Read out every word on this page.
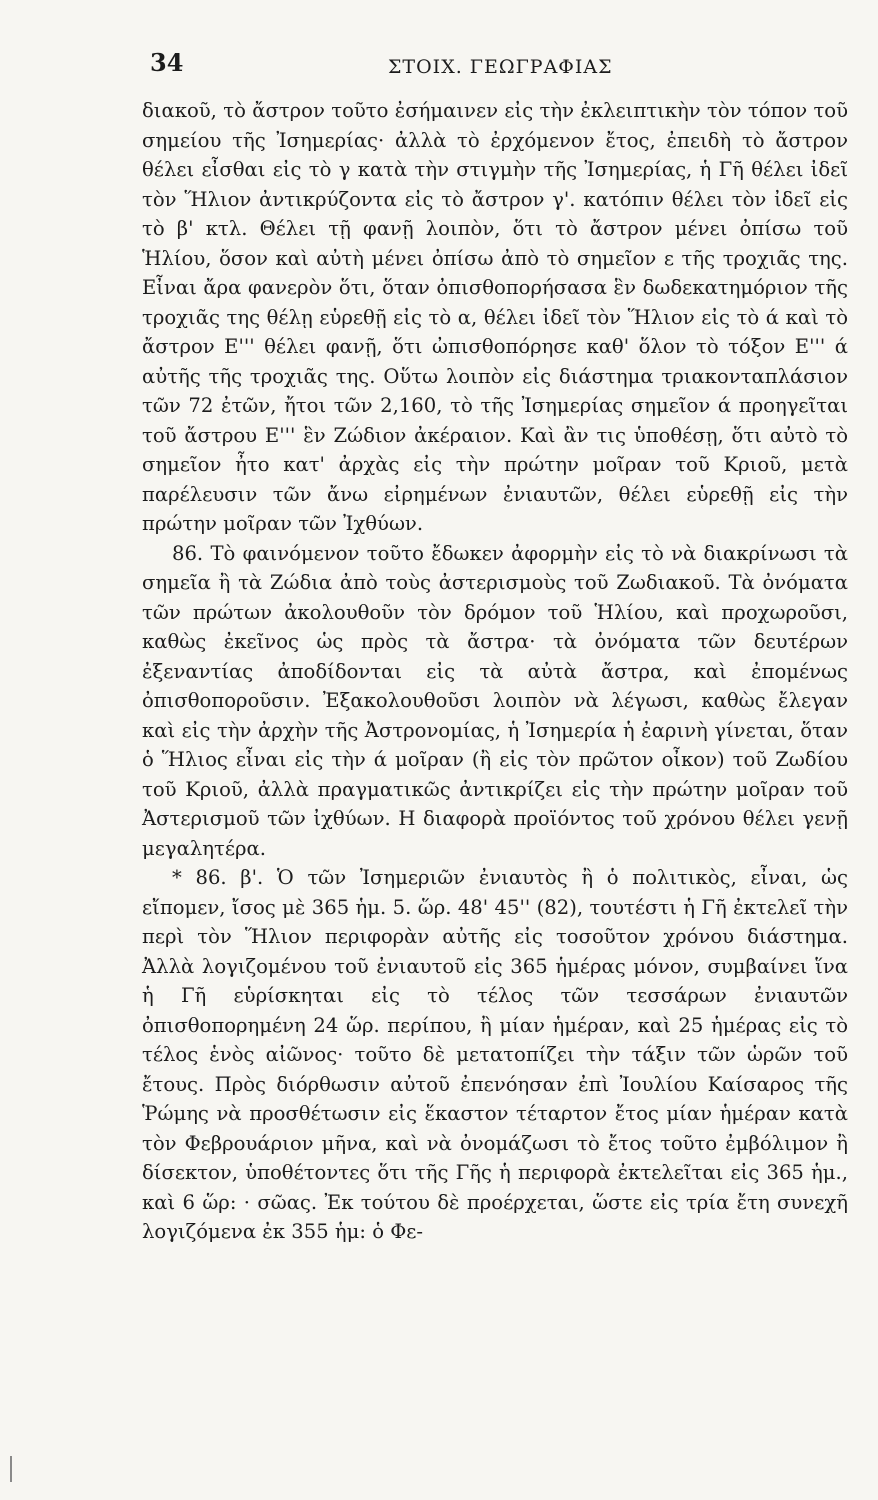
34	ΣΤΟΙΧ. ΓΕΩΓΡΑΦΙΑΣ

διακοῦ, τὸ ἄστρον τοῦτο ἐσήμαινεν εἰς τὴν ἐκλειπτικὴν τὸν τόπον τοῦ σημείου τῆς Ἰσημερίας· ἀλλὰ τὸ ἐρχόμενον ἔτος, ἐπειδὴ τὸ ἄστρον θέλει εἶσθαι εἰς τὸ γ κατὰ τὴν στιγμὴν τῆς Ἰσημερίας, ἡ Γῆ θέλει ἰδεῖ τὸν Ἥλιον ἀντικρύζοντα εἰς τὸ ἄστρον γ'. κατόπιν θέλει τὸν ἰδεῖ εἰς τὸ β' κτλ. Θέλει τῇ φανῇ λοιπὸν, ὅτι τὸ ἄστρον μένει ὀπίσω τοῦ Ἡλίου, ὅσον καὶ αὐτὴ μένει ὀπίσω ἀπὸ τὸ σημεῖον ε τῆς τροχιᾶς της. Εἶναι ἄρα φανερὸν ὅτι, ὅταν ὀπισθοπορήσασα ἓν δωδεκατημόριον τῆς τροχιᾶς της θέλῃ εὑρεθῇ εἰς τὸ α, θέλει ἰδεῖ τὸν Ἥλιον εἰς τὸ ά καὶ τὸ ἄστρον Ε''' θέλει φανῇ, ὅτι ὠπισθοπόρησε καθ' ὅλον τὸ τόξον Ε''' ά αὐτῆς τῆς τροχιᾶς της. Οὕτω λοιπὸν εἰς διάστημα τριακονταπλάσιον τῶν 72 ἐτῶν, ἤτοι τῶν 2,160, τὸ τῆς Ἰσημερίας σημεῖον ά προηγεῖται τοῦ ἄστρου Ε''' ἓν Ζώδιον ἀκέραιον. Καὶ ἂν τις ὑποθέσῃ, ὅτι αὐτὸ τὸ σημεῖον ἦτο κατ' ἀρχὰς εἰς τὴν πρώτην μοῖραν τοῦ Κριοῦ, μετὰ παρέλευσιν τῶν ἄνω εἰρημένων ἐνιαυτῶν, θέλει εὑρεθῇ εἰς τὴν πρώτην μοῖραν τῶν Ἰχθύων.

86. Τὸ φαινόμενον τοῦτο ἔδωκεν ἀφορμὴν εἰς τὸ νὰ διακρίνωσι τὰ σημεῖα ἢ τὰ Ζώδια ἀπὸ τοὺς ἀστερισμοὺς τοῦ Ζωδιακοῦ. Τὰ ὀνόματα τῶν πρώτων ἀκολουθοῦν τὸν δρόμον τοῦ Ἡλίου, καὶ προχωροῦσι, καθὼς ἐκεῖνος ὡς πρὸς τὰ ἄστρα· τὰ ὀνόματα τῶν δευτέρων ἐξεναντίας ἀποδίδονται εἰς τὰ αὐτὰ ἄστρα, καὶ ἐπομένως ὀπισθοποροῦσιν. Ἐξακολουθοῦσι λοιπὸν νὰ λέγωσι, καθὼς ἔλεγαν καὶ εἰς τὴν ἀρχὴν τῆς Ἀστρονομίας, ἡ Ἰσημερία ἡ ἐαρινὴ γίνεται, ὅταν ὁ Ἥλιος εἶναι εἰς τὴν ά μοῖραν (ἢ εἰς τὸν πρῶτον οἶκον) τοῦ Ζωδίου τοῦ Κριοῦ, ἀλλὰ πραγματικῶς ἀντικρίζει εἰς τὴν πρώτην μοῖραν τοῦ Ἀστερισμοῦ τῶν ἰχθύων. Η διαφορὰ προϊόντος τοῦ χρόνου θέλει γενῇ μεγαλητέρα.

* 86. β'. Ὁ τῶν Ἰσημεριῶν ἐνιαυτὸς ἢ ὁ πολιτικὸς, εἶναι, ὡς εἴπομεν, ἴσος μὲ 365 ἡμ. 5. ὥρ. 48' 45'' (82), τουτέστι ἡ Γῆ ἐκτελεῖ τὴν περὶ τὸν Ἥλιον περιφορὰν αὐτῆς εἰς τοσοῦτον χρόνου διάστημα. Ἀλλὰ λογιζομένου τοῦ ἐνιαυτοῦ εἰς 365 ἡμέρας μόνον, συμβαίνει ἵνα ἡ Γῆ εὑρίσκηται εἰς τὸ τέλος τῶν τεσσάρων ἐνιαυτῶν ὀπισθοπορημένη 24 ὥρ. περίπου, ἢ μίαν ἡμέραν, καὶ 25 ἡμέρας εἰς τὸ τέλος ἑνὸς αἰῶνος· τοῦτο δὲ μετατοπίζει τὴν τάξιν τῶν ὡρῶν τοῦ ἔτους. Πρὸς διόρθωσιν αὐτοῦ ἐπενόησαν ἐπὶ Ἰουλίου Καίσαρος τῆς Ῥώμης νὰ προσθέτωσιν εἰς ἕκαστον τέταρτον ἔτος μίαν ἡμέραν κατὰ τὸν Φεβρουάριον μῆνα, καὶ νὰ ὀνομάζωσι τὸ ἔτος τοῦτο ἐμβόλιμον ἢ δίσεκτον, ὑποθέτοντες ὅτι τῆς Γῆς ἡ περιφορὰ ἐκτελεῖται εἰς 365 ἡμ., καὶ 6 ὥρ: · σῶας. Ἐκ τούτου δὲ προέρχεται, ὥστε εἰς τρία ἔτη συνεχῆ λογιζόμενα ἐκ 355 ἡμ: ὁ Φε-
